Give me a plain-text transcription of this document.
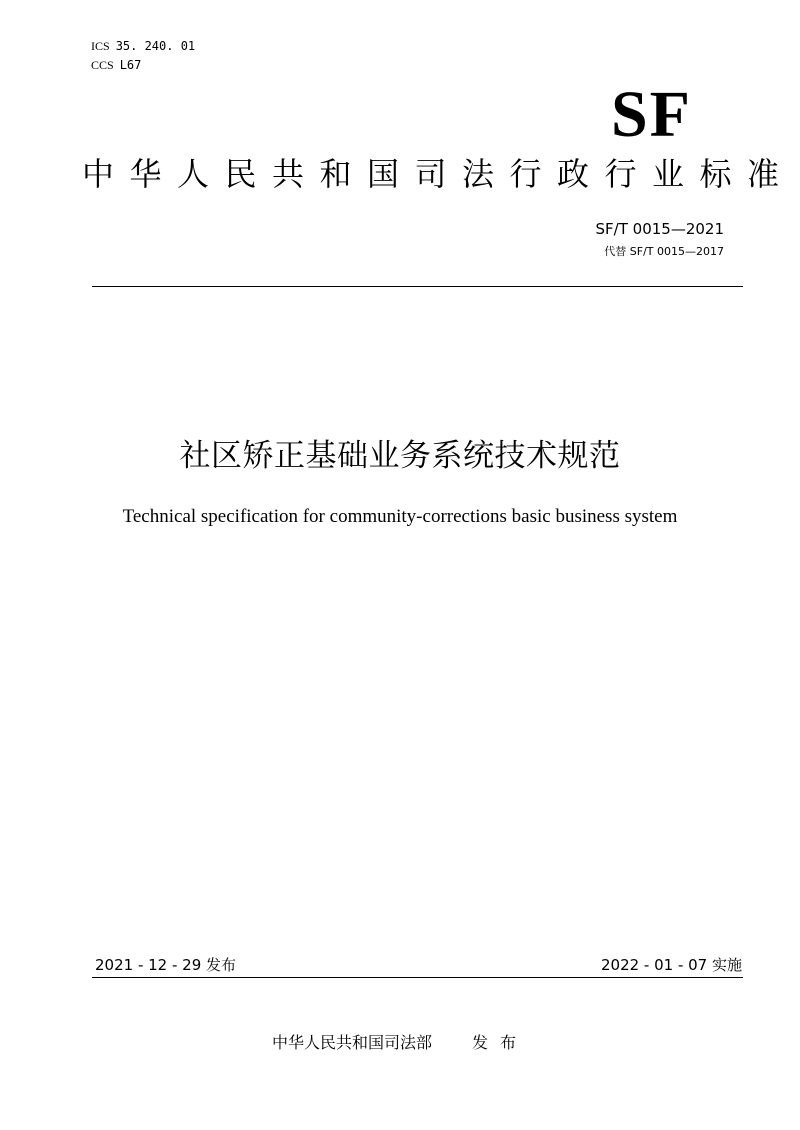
ICS 35. 240. 01
CCS L67
SF
中华人民共和国司法行政行业标准
SF/T 0015—2021
代替 SF/T 0015—2017
社区矫正基础业务系统技术规范
Technical specification for community-corrections basic business system
2021 - 12 - 29 发布	2022 - 01 - 07 实施
中华人民共和国司法部	发布
